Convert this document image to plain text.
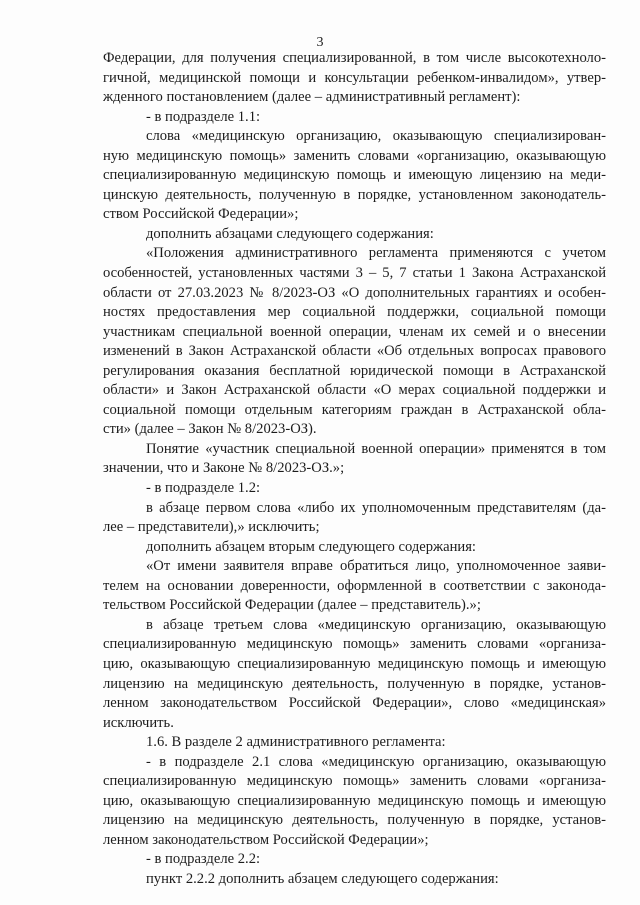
3
Федерации, для получения специализированной, в том числе высокотехноло-
гичной, медицинской помощи и консультации ребенком-инвалидом», утвер-
жденного постановлением (далее – административный регламент):
- в подразделе 1.1:
слова «медицинскую организацию, оказывающую специализирован-
ную медицинскую помощь» заменить словами «организацию, оказывающую
специализированную медицинскую помощь и имеющую лицензию на меди-
цинскую деятельность, полученную в порядке, установленном законодатель-
ством Российской Федерации»;
дополнить абзацами следующего содержания:
«Положения административного регламента применяются с учетом
особенностей, установленных частями 3 – 5, 7 статьи 1 Закона Астраханской
области от 27.03.2023 № 8/2023-ОЗ «О дополнительных гарантиях и особен-
ностях предоставления мер социальной поддержки, социальной помощи
участникам специальной военной операции, членам их семей и о внесении
изменений в Закон Астраханской области «Об отдельных вопросах правового
регулирования оказания бесплатной юридической помощи в Астраханской
области» и Закон Астраханской области «О мерах социальной поддержки и
социальной помощи отдельным категориям граждан в Астраханской обла-
сти» (далее – Закон № 8/2023-ОЗ).
Понятие «участник специальной военной операции» применятся в том
значении, что и Законе № 8/2023-ОЗ.»;
- в подразделе 1.2:
в абзаце первом слова «либо их уполномоченным представителям (да-
лее – представители),» исключить;
дополнить абзацем вторым следующего содержания:
«От имени заявителя вправе обратиться лицо, уполномоченное заяви-
телем на основании доверенности, оформленной в соответствии с законода-
тельством Российской Федерации (далее – представитель).»;
в абзаце третьем слова «медицинскую организацию, оказывающую
специализированную медицинскую помощь» заменить словами «организа-
цию, оказывающую специализированную медицинскую помощь и имеющую
лицензию на медицинскую деятельность, полученную в порядке, установ-
ленном законодательством Российской Федерации», слово «медицинская»
исключить.
1.6. В разделе 2 административного регламента:
- в подразделе 2.1 слова «медицинскую организацию, оказывающую
специализированную медицинскую помощь» заменить словами «организа-
цию, оказывающую специализированную медицинскую помощь и имеющую
лицензию на медицинскую деятельность, полученную в порядке, установ-
ленном законодательством Российской Федерации»;
- в подразделе 2.2:
пункт 2.2.2 дополнить абзацем следующего содержания:
